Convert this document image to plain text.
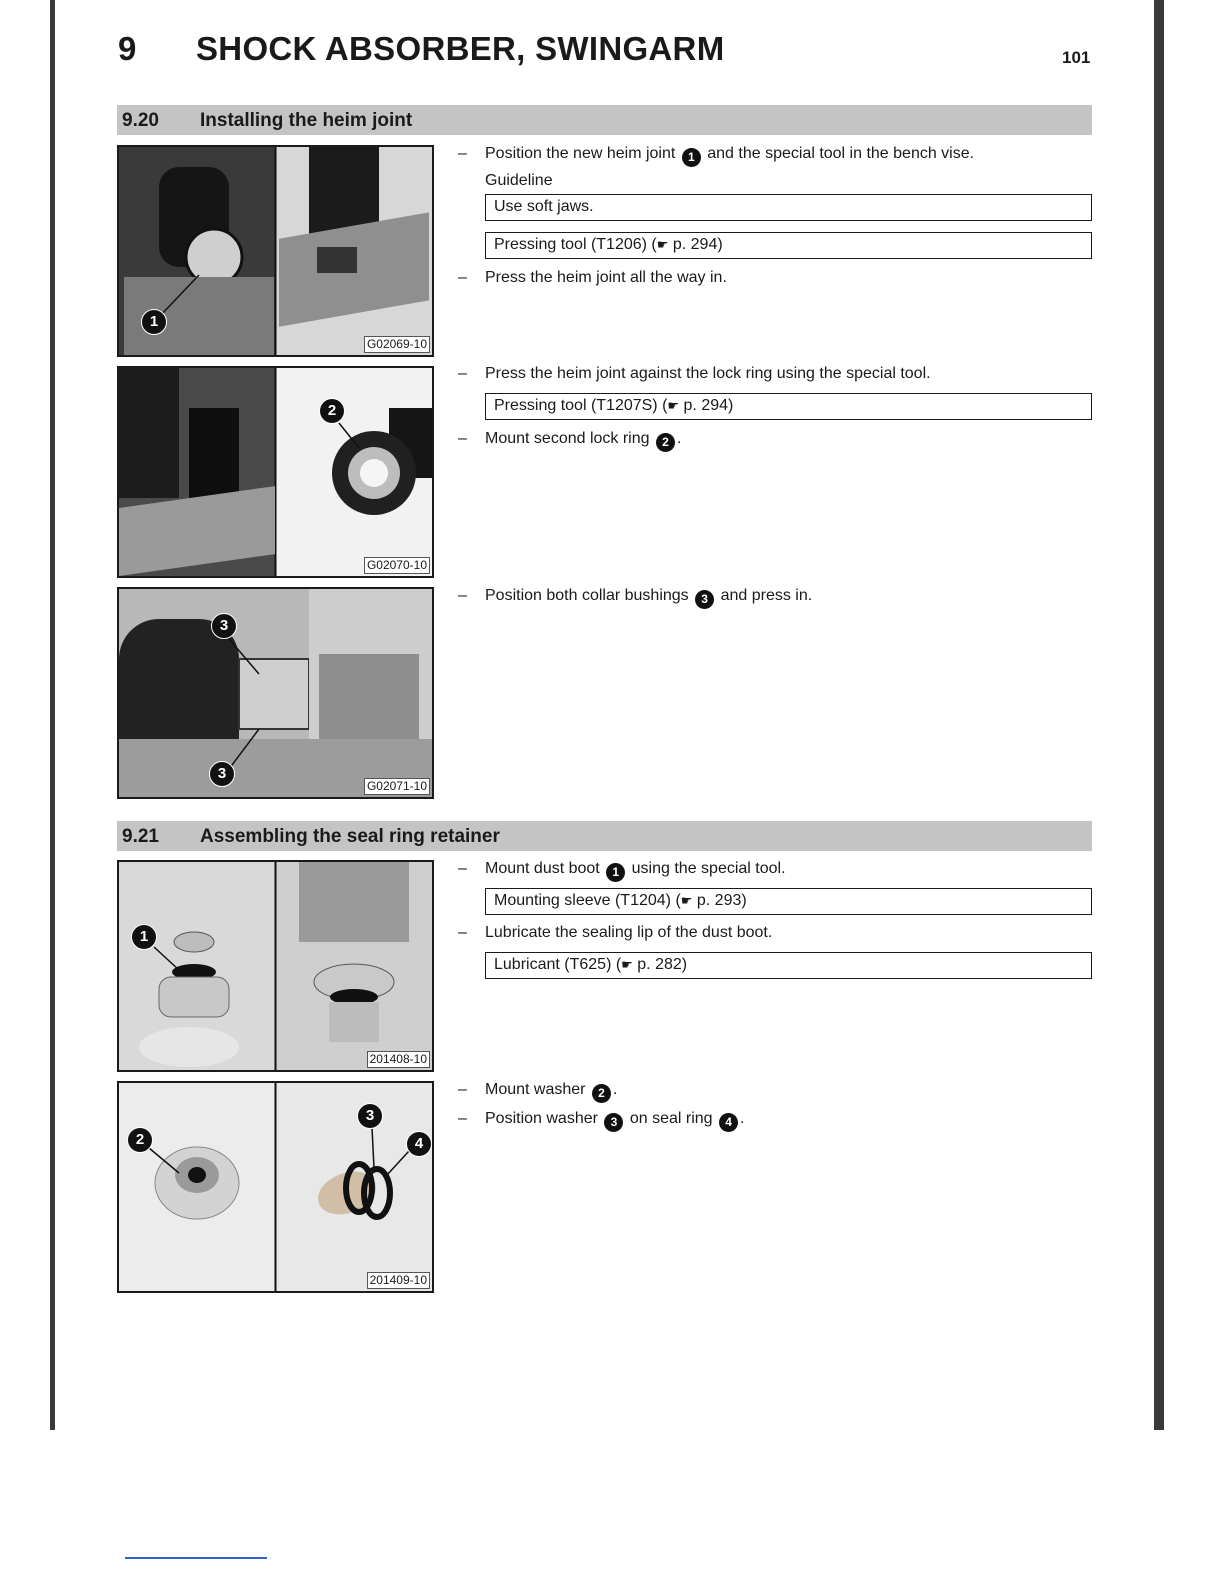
9 SHOCK ABSORBER, SWINGARM	101
9.20 Installing the heim joint
1
G02069-10
2
G02070-10
3
3
G02071-10
– Position the new heim joint 1 and the special tool in the bench vise.
Guideline
Use soft jaws.
Pressing tool (T1206) (☛ p. 294)
– Press the heim joint all the way in.
– Press the heim joint against the lock ring using the special tool.
Pressing tool (T1207S) (☛ p. 294)
– Mount second lock ring 2 .
– Position both collar bushings 3 and press in.
9.21 Assembling the seal ring retainer
1
201408-10
2
3
4
201409-10
– Mount dust boot 1 using the special tool.
Mounting sleeve (T1204) (☛ p. 293)
– Lubricate the sealing lip of the dust boot.
Lubricant (T625) (☛ p. 282)
– Mount washer 2 .
– Position washer 3 on seal ring 4 .
